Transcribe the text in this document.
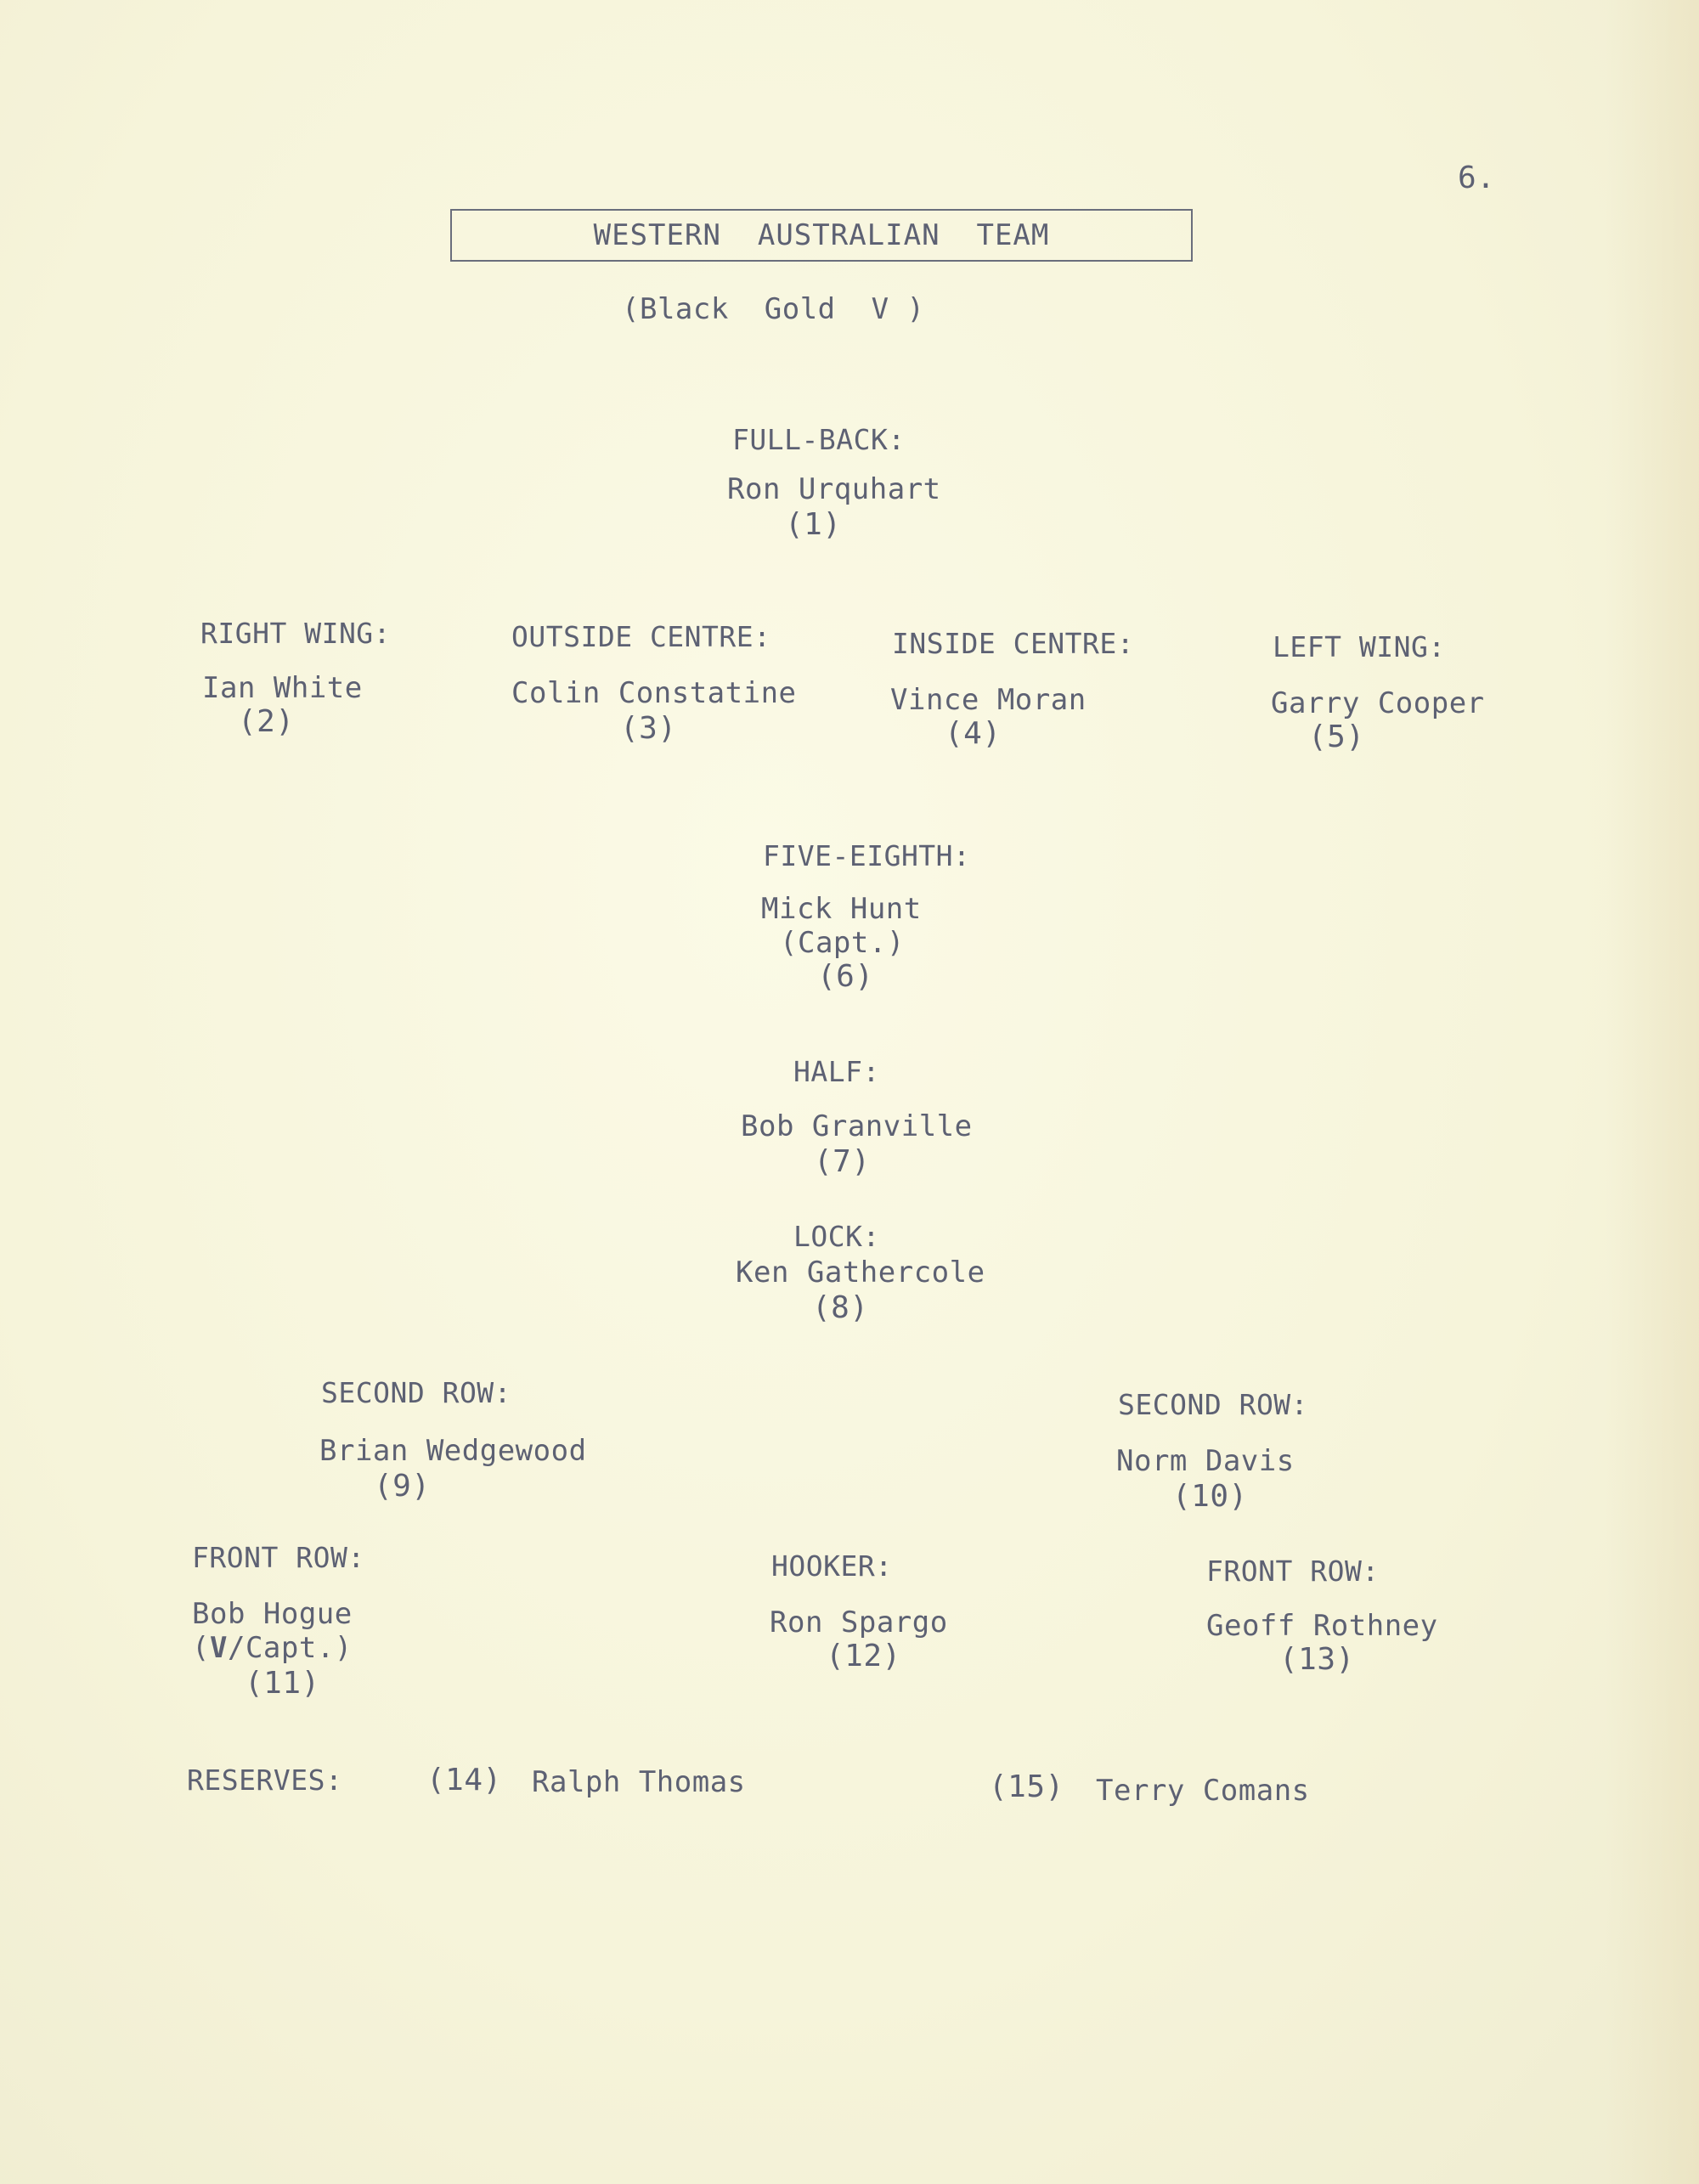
6.
WESTERN  AUSTRALIAN  TEAM
(Black  Gold  V )
FULL-BACK:
Ron Urquhart
(1)
RIGHT WING:
Ian White
(2)
OUTSIDE CENTRE:
Colin Constatine
(3)
INSIDE CENTRE:
Vince Moran
(4)
LEFT WING:
Garry Cooper
(5)
FIVE-EIGHTH:
Mick Hunt
(Capt.)
(6)
HALF:
Bob Granville
(7)
LOCK:
Ken Gathercole
(8)
SECOND ROW:
Brian Wedgewood
(9)
SECOND ROW:
Norm Davis
(10)
FRONT ROW:
Bob Hogue
(V/Capt.)
(11)
HOOKER:
Ron Spargo
(12)
FRONT ROW:
Geoff Rothney
(13)
RESERVES:	(14) Ralph Thomas	(15) Terry Comans
